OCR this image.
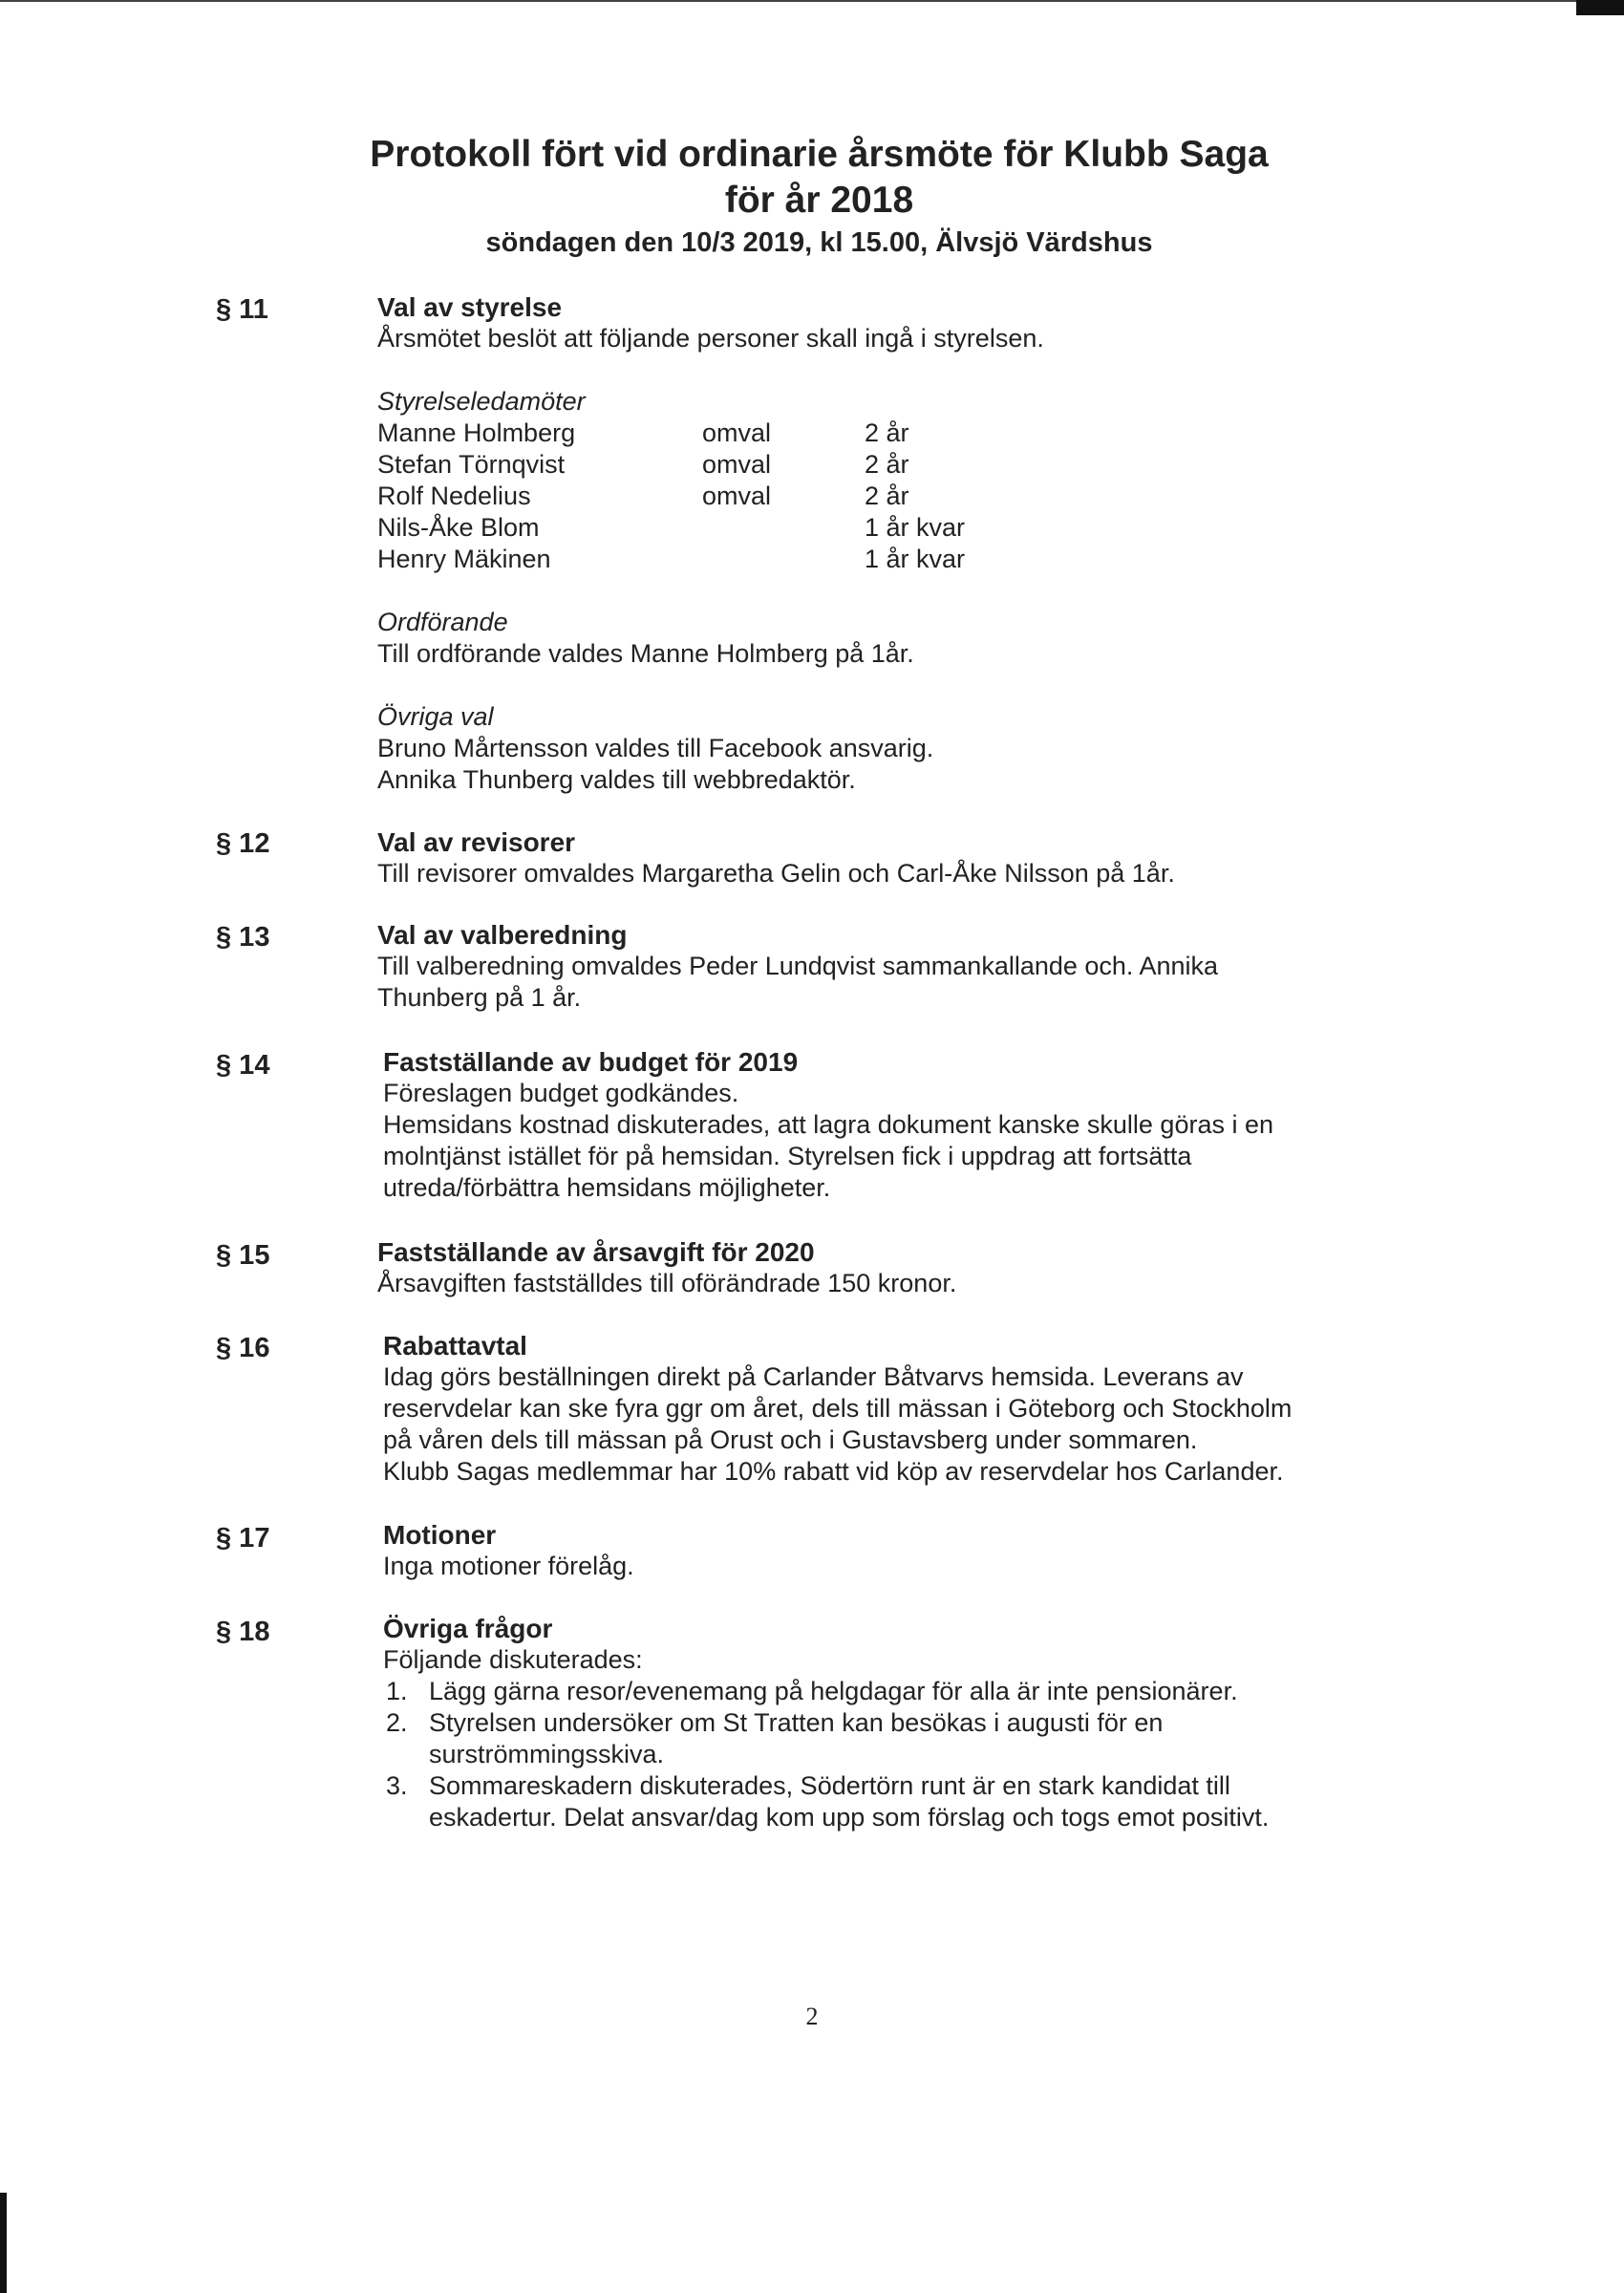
Protokoll fört vid ordinarie årsmöte för Klubb Saga
för år 2018
söndagen den 10/3 2019, kl 15.00, Älvsjö Värdshus
§ 11	Val av styrelse

Årsmötet beslöt att följande personer skall ingå i styrelsen.

Styrelseledamöter
Manne Holmberg	omval	2 år
Stefan Törnqvist	omval	2 år
Rolf Nedelius	omval	2 år
Nils-Åke Blom		1 år kvar
Henry Mäkinen		1 år kvar
Ordförande

Till ordförande valdes Manne Holmberg på 1år.

Övriga val

Bruno Mårtensson valdes till Facebook ansvarig.

Annika Thunberg valdes till webbredaktör.

§ 12	Val av revisorer

Till revisorer omvaldes Margaretha Gelin och Carl-Åke Nilsson på 1år.

§ 13	Val av valberedning

Till valberedning omvaldes Peder Lundqvist sammankallande och. Annika

Thunberg på 1 år.

§ 14	Fastställande av budget för 2019

Föreslagen budget godkändes.

Hemsidans kostnad diskuterades, att lagra dokument kanske skulle göras i en

molntjänst istället för på hemsidan. Styrelsen fick i uppdrag att fortsätta

utreda/förbättra hemsidans möjligheter.

§ 15	Fastställande av årsavgift för 2020

Årsavgiften fastställdes till oförändrade 150 kronor.

§ 16	Rabattavtal

Idag görs beställningen direkt på Carlander Båtvarvs hemsida. Leverans av

reservdelar kan ske fyra ggr om året, dels till mässan i Göteborg och Stockholm

på våren dels till mässan på Orust och i Gustavsberg under sommaren.

Klubb Sagas medlemmar har 10% rabatt vid köp av reservdelar hos Carlander.

§ 17	Motioner

Inga motioner förelåg.

§ 18	Övriga frågor

Följande diskuterades:

1. Lägg gärna resor/evenemang på helgdagar för alla är inte pensionärer.
2. Styrelsen undersöker om St Tratten kan besökas i augusti för en
surströmmingsskiva.
3. Sommareskadern diskuterades, Södertörn runt är en stark kandidat till
eskadertur. Delat ansvar/dag kom upp som förslag och togs emot positivt.
2
